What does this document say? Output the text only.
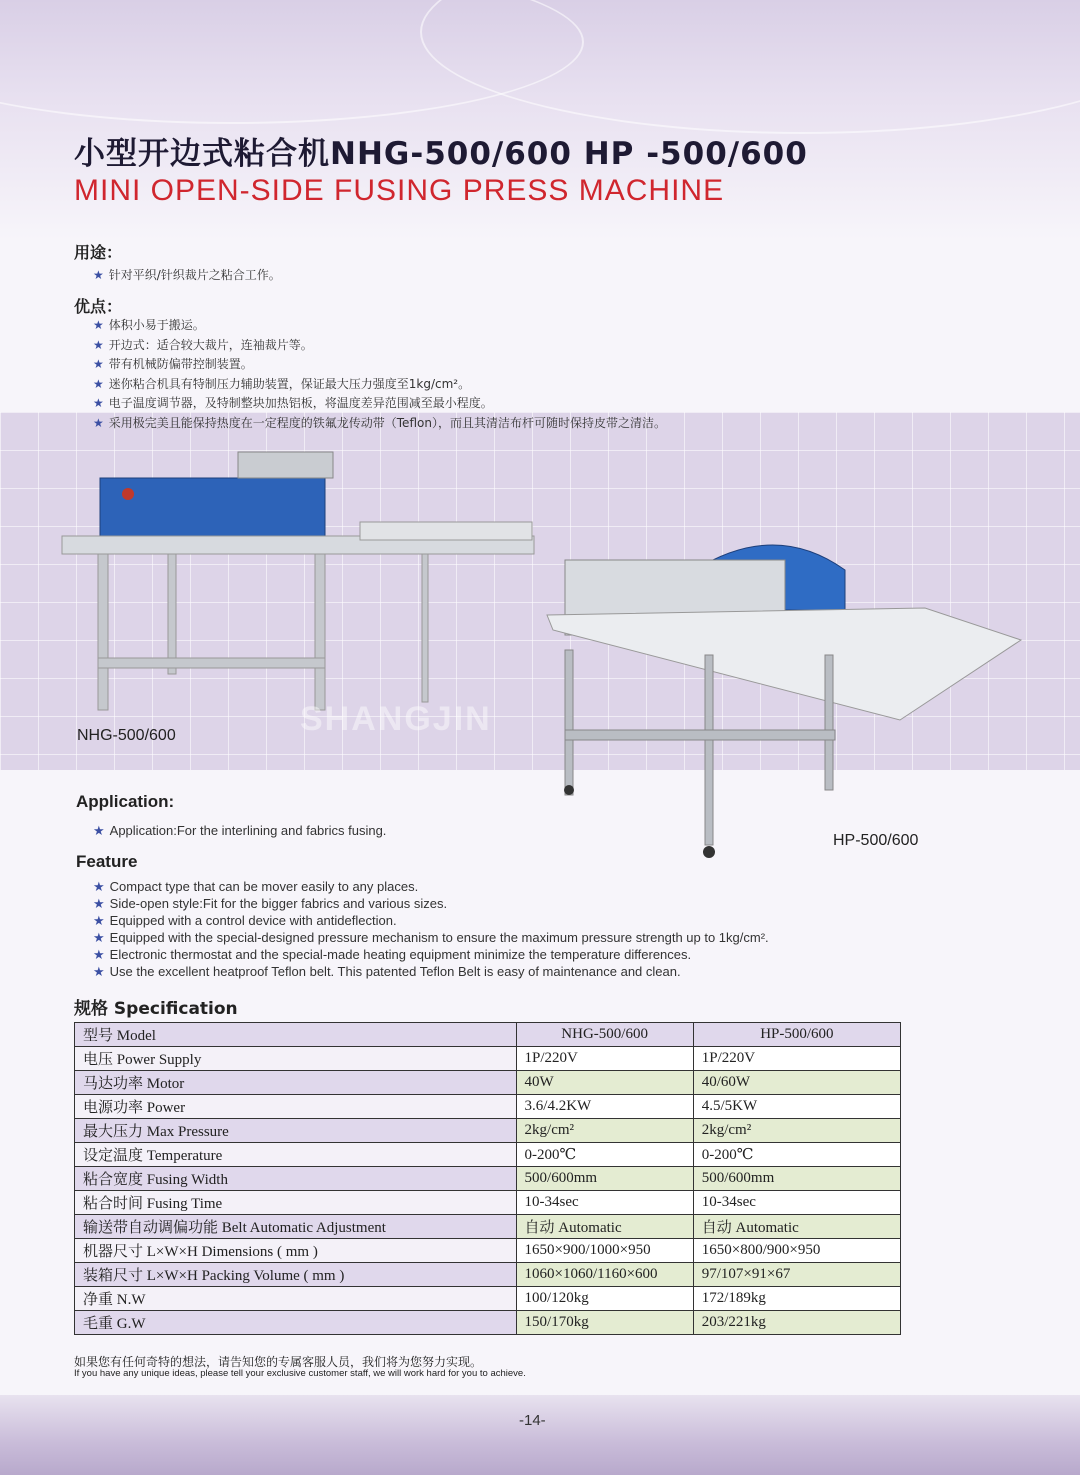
小型开边式粘合机NHG-500/600 HP -500/600
MINI OPEN-SIDE FUSING PRESS MACHINE
用途：
★ 针对平织/针织裁片之粘合工作。
优点：
★ 体积小易于搬运。
★ 开边式：适合较大裁片，连袖裁片等。
★ 带有机械防偏带控制装置。
★ 迷你粘合机具有特制压力辅助装置，保证最大压力强度至1kg/cm²。
★ 电子温度调节器，及特制整块加热铝板，将温度差异范围减至最小程度。
★ 采用极完美且能保持热度在一定程度的铁氟龙传动带（Teflon），而且其清洁布杆可随时保持皮带之清洁。
SHANGJIN
NHG-500/600
HP-500/600
Application:
★ Application:For the interlining and fabrics fusing.
Feature
★ Compact type that can be mover easily to any places.
★ Side-open style:Fit for the bigger fabrics and various sizes.
★ Equipped with a control device with antideflection.
★ Equipped with the special-designed pressure mechanism to ensure the maximum pressure strength up to 1kg/cm².
★ Electronic thermostat and the special-made heating equipment minimize the temperature differences.
★ Use the excellent heatproof Teflon belt. This patented Teflon Belt is easy of maintenance and clean.
规格 Specification
型号 Model	NHG-500/600	HP-500/600
电压 Power Supply	1P/220V	1P/220V
马达功率 Motor	40W	40/60W
电源功率 Power	3.6/4.2KW	4.5/5KW
最大压力 Max Pressure	2kg/cm²	2kg/cm²
设定温度 Temperature	0-200℃	0-200℃
粘合宽度 Fusing Width	500/600mm	500/600mm
粘合时间 Fusing Time	10-34sec	10-34sec
输送带自动调偏功能 Belt Automatic Adjustment	自动 Automatic	自动 Automatic
机器尺寸 L×W×H Dimensions ( mm )	1650×900/1000×950	1650×800/900×950
装箱尺寸 L×W×H Packing Volume ( mm )	1060×1060/1160×600	97/107×91×67
净重 N.W	100/120kg	172/189kg
毛重 G.W	150/170kg	203/221kg
如果您有任何奇特的想法，请告知您的专属客服人员，我们将为您努力实现。
If you have any unique ideas, please tell your exclusive customer staff, we will work hard for you to achieve.
-14-
